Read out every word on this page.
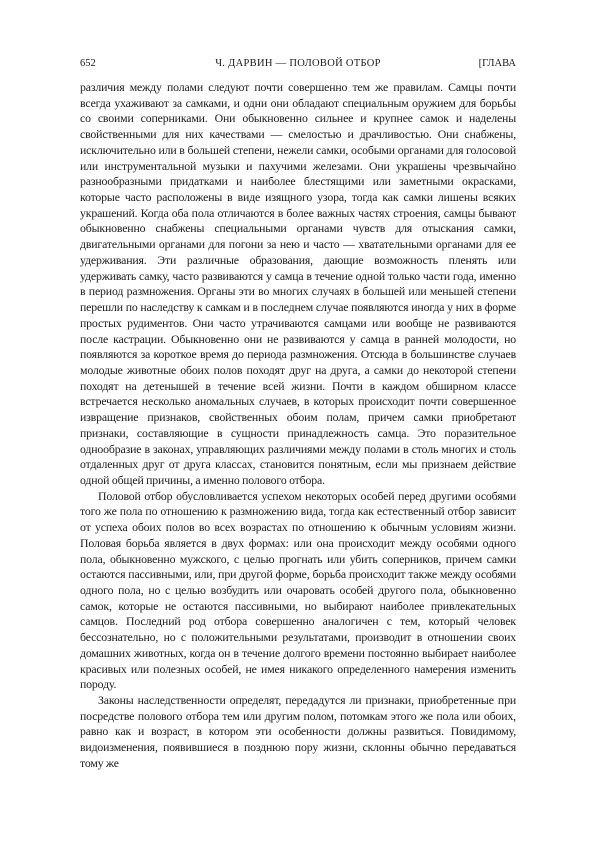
652	Ч. ДАРВИН — ПОЛОВОЙ ОТБОР	[ГЛАВА

различия между полами следуют почти совершенно тем же правилам. Самцы почти всегда ухаживают за самками, и одни они обладают специальным оружием для борьбы со своими соперниками. Они обыкновенно сильнее и крупнее самок и наделены свойственными для них качествами — смелостью и драчливостью. Они снабжены, исключительно или в большей степени, нежели самки, особыми органами для голосовой или инструментальной музыки и пахучими железами. Они украшены чрезвычайно разнообразными придатками и наиболее блестящими или заметными окрасками, которые часто расположены в виде изящного узора, тогда как самки лишены всяких украшений. Когда оба пола отличаются в более важных частях строения, самцы бывают обыкновенно снабжены специальными органами чувств для отыскания самки, двигательными органами для погони за нею и часто — хватательными органами для ее удерживания. Эти различные образования, дающие возможность пленять или удерживать самку, часто развиваются у самца в течение одной только части года, именно в период размножения. Органы эти во многих случаях в большей или меньшей степени перешли по наследству к самкам и в последнем случае появляются иногда у них в форме простых рудиментов. Они часто утрачиваются самцами или вообще не развиваются после кастрации. Обыкновенно они не развиваются у самца в ранней молодости, но появляются за короткое время до периода размножения. Отсюда в большинстве случаев молодые животные обоих полов походят друг на друга, а самки до некоторой степени походят на детенышей в течение всей жизни. Почти в каждом обширном классе встречается несколько аномальных случаев, в которых происходит почти совершенное извращение признаков, свойственных обоим полам, причем самки приобретают признаки, составляющие в сущности принадлежность самца. Это поразительное однообразие в законах, управляющих различиями между полами в столь многих и столь отдаленных друг от друга классах, становится понятным, если мы признаем действие одной общей причины, а именно полового отбора.

Половой отбор обусловливается успехом некоторых особей перед другими особями того же пола по отношению к размножению вида, тогда как естественный отбор зависит от успеха обоих полов во всех возрастах по отношению к обычным условиям жизни. Половая борьба является в двух формах: или она происходит между особями одного пола, обыкновенно мужского, с целью прогнать или убить соперников, причем самки остаются пассивными, или, при другой форме, борьба происходит также между особями одного пола, но с целью возбудить или очаровать особей другого пола, обыкновенно самок, которые не остаются пассивными, но выбирают наиболее привлекательных самцов. Последний род отбора совершенно аналогичен с тем, который человек бессознательно, но с положительными результатами, производит в отношении своих домашних животных, когда он в течение долгого времени постоянно выбирает наиболее красивых или полезных особей, не имея никакого определенного намерения изменить породу.

Законы наследственности определят, передадутся ли признаки, приобретенные при посредстве полового отбора тем или другим полом, потомкам этого же пола или обоих, равно как и возраст, в котором эти особенности должны развиться. Повидимому, видоизменения, появившиеся в позднюю пору жизни, склонны обычно передаваться тому же
